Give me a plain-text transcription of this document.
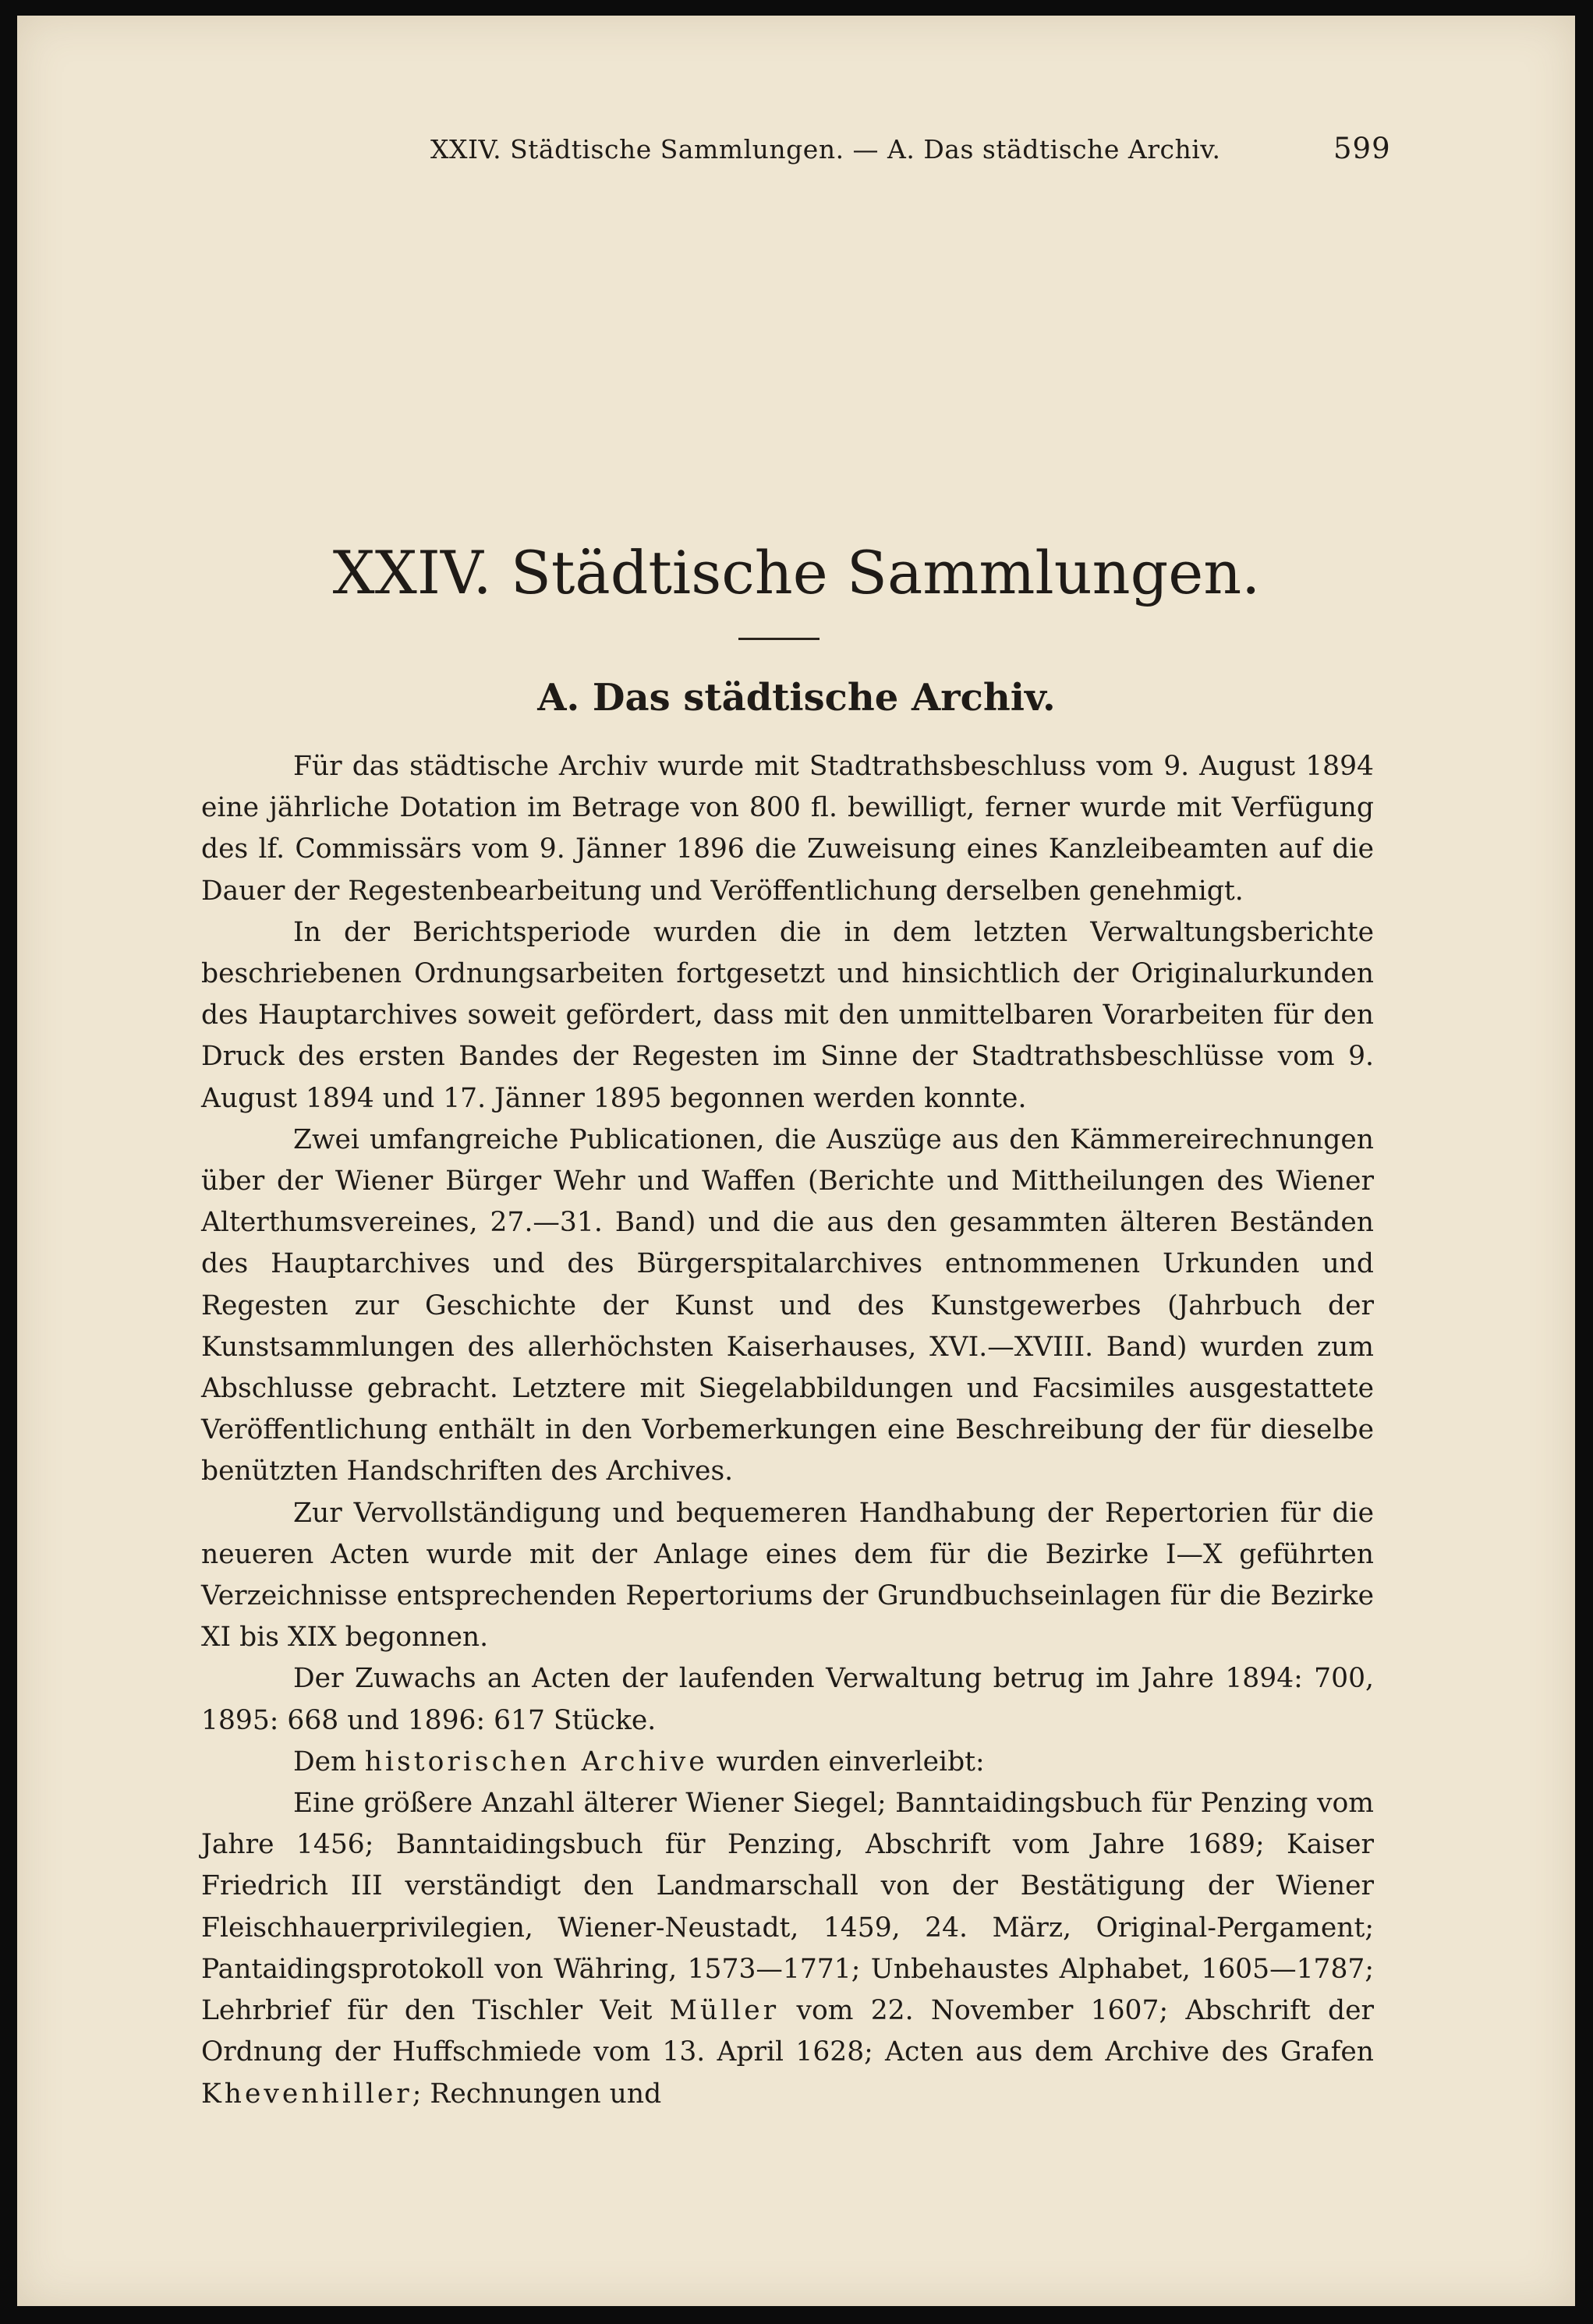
XXIV. Städtische Sammlungen. — A. Das städtische Archiv.	599
XXIV. Städtische Sammlungen.
A. Das städtische Archiv.

Für das städtische Archiv wurde mit Stadtrathsbeschluss vom 9. August 1894 eine jährliche Dotation im Betrage von 800 fl. bewilligt, ferner wurde mit Verfügung des lf. Commissärs vom 9. Jänner 1896 die Zuweisung eines Kanzleibeamten auf die Dauer der Regestenbearbeitung und Veröffentlichung derselben genehmigt.

In der Berichtsperiode wurden die in dem letzten Verwaltungsberichte beschriebenen Ordnungsarbeiten fortgesetzt und hinsichtlich der Originalurkunden des Hauptarchives soweit gefördert, dass mit den unmittelbaren Vorarbeiten für den Druck des ersten Bandes der Regesten im Sinne der Stadtrathsbeschlüsse vom 9. August 1894 und 17. Jänner 1895 begonnen werden konnte.

Zwei umfangreiche Publicationen, die Auszüge aus den Kämmereirechnungen über der Wiener Bürger Wehr und Waffen (Berichte und Mittheilungen des Wiener Alterthumsvereines, 27.—31. Band) und die aus den gesammten älteren Beständen des Hauptarchives und des Bürgerspitalarchives entnommenen Urkunden und Regesten zur Geschichte der Kunst und des Kunstgewerbes (Jahrbuch der Kunstsammlungen des allerhöchsten Kaiserhauses, XVI.—XVIII. Band) wurden zum Abschlusse gebracht. Letztere mit Siegelabbildungen und Facsimiles ausgestattete Veröffentlichung enthält in den Vorbemerkungen eine Beschreibung der für dieselbe benützten Handschriften des Archives.

Zur Vervollständigung und bequemeren Handhabung der Repertorien für die neueren Acten wurde mit der Anlage eines dem für die Bezirke I—X geführten Verzeichnisse entsprechenden Repertoriums der Grundbuchseinlagen für die Bezirke XI bis XIX begonnen.

Der Zuwachs an Acten der laufenden Verwaltung betrug im Jahre 1894: 700, 1895: 668 und 1896: 617 Stücke.

Dem historischen Archive wurden einverleibt:

Eine größere Anzahl älterer Wiener Siegel; Banntaidingsbuch für Penzing vom Jahre 1456; Banntaidingsbuch für Penzing, Abschrift vom Jahre 1689; Kaiser Friedrich III verständigt den Landmarschall von der Bestätigung der Wiener Fleischhauerprivilegien, Wiener-Neustadt, 1459, 24. März, Original-Pergament; Pantaidingsprotokoll von Währing, 1573—1771; Unbehaustes Alphabet, 1605—1787; Lehrbrief für den Tischler Veit Müller vom 22. November 1607; Abschrift der Ordnung der Huffschmiede vom 13. April 1628; Acten aus dem Archive des Grafen Khevenhiller; Rechnungen und
